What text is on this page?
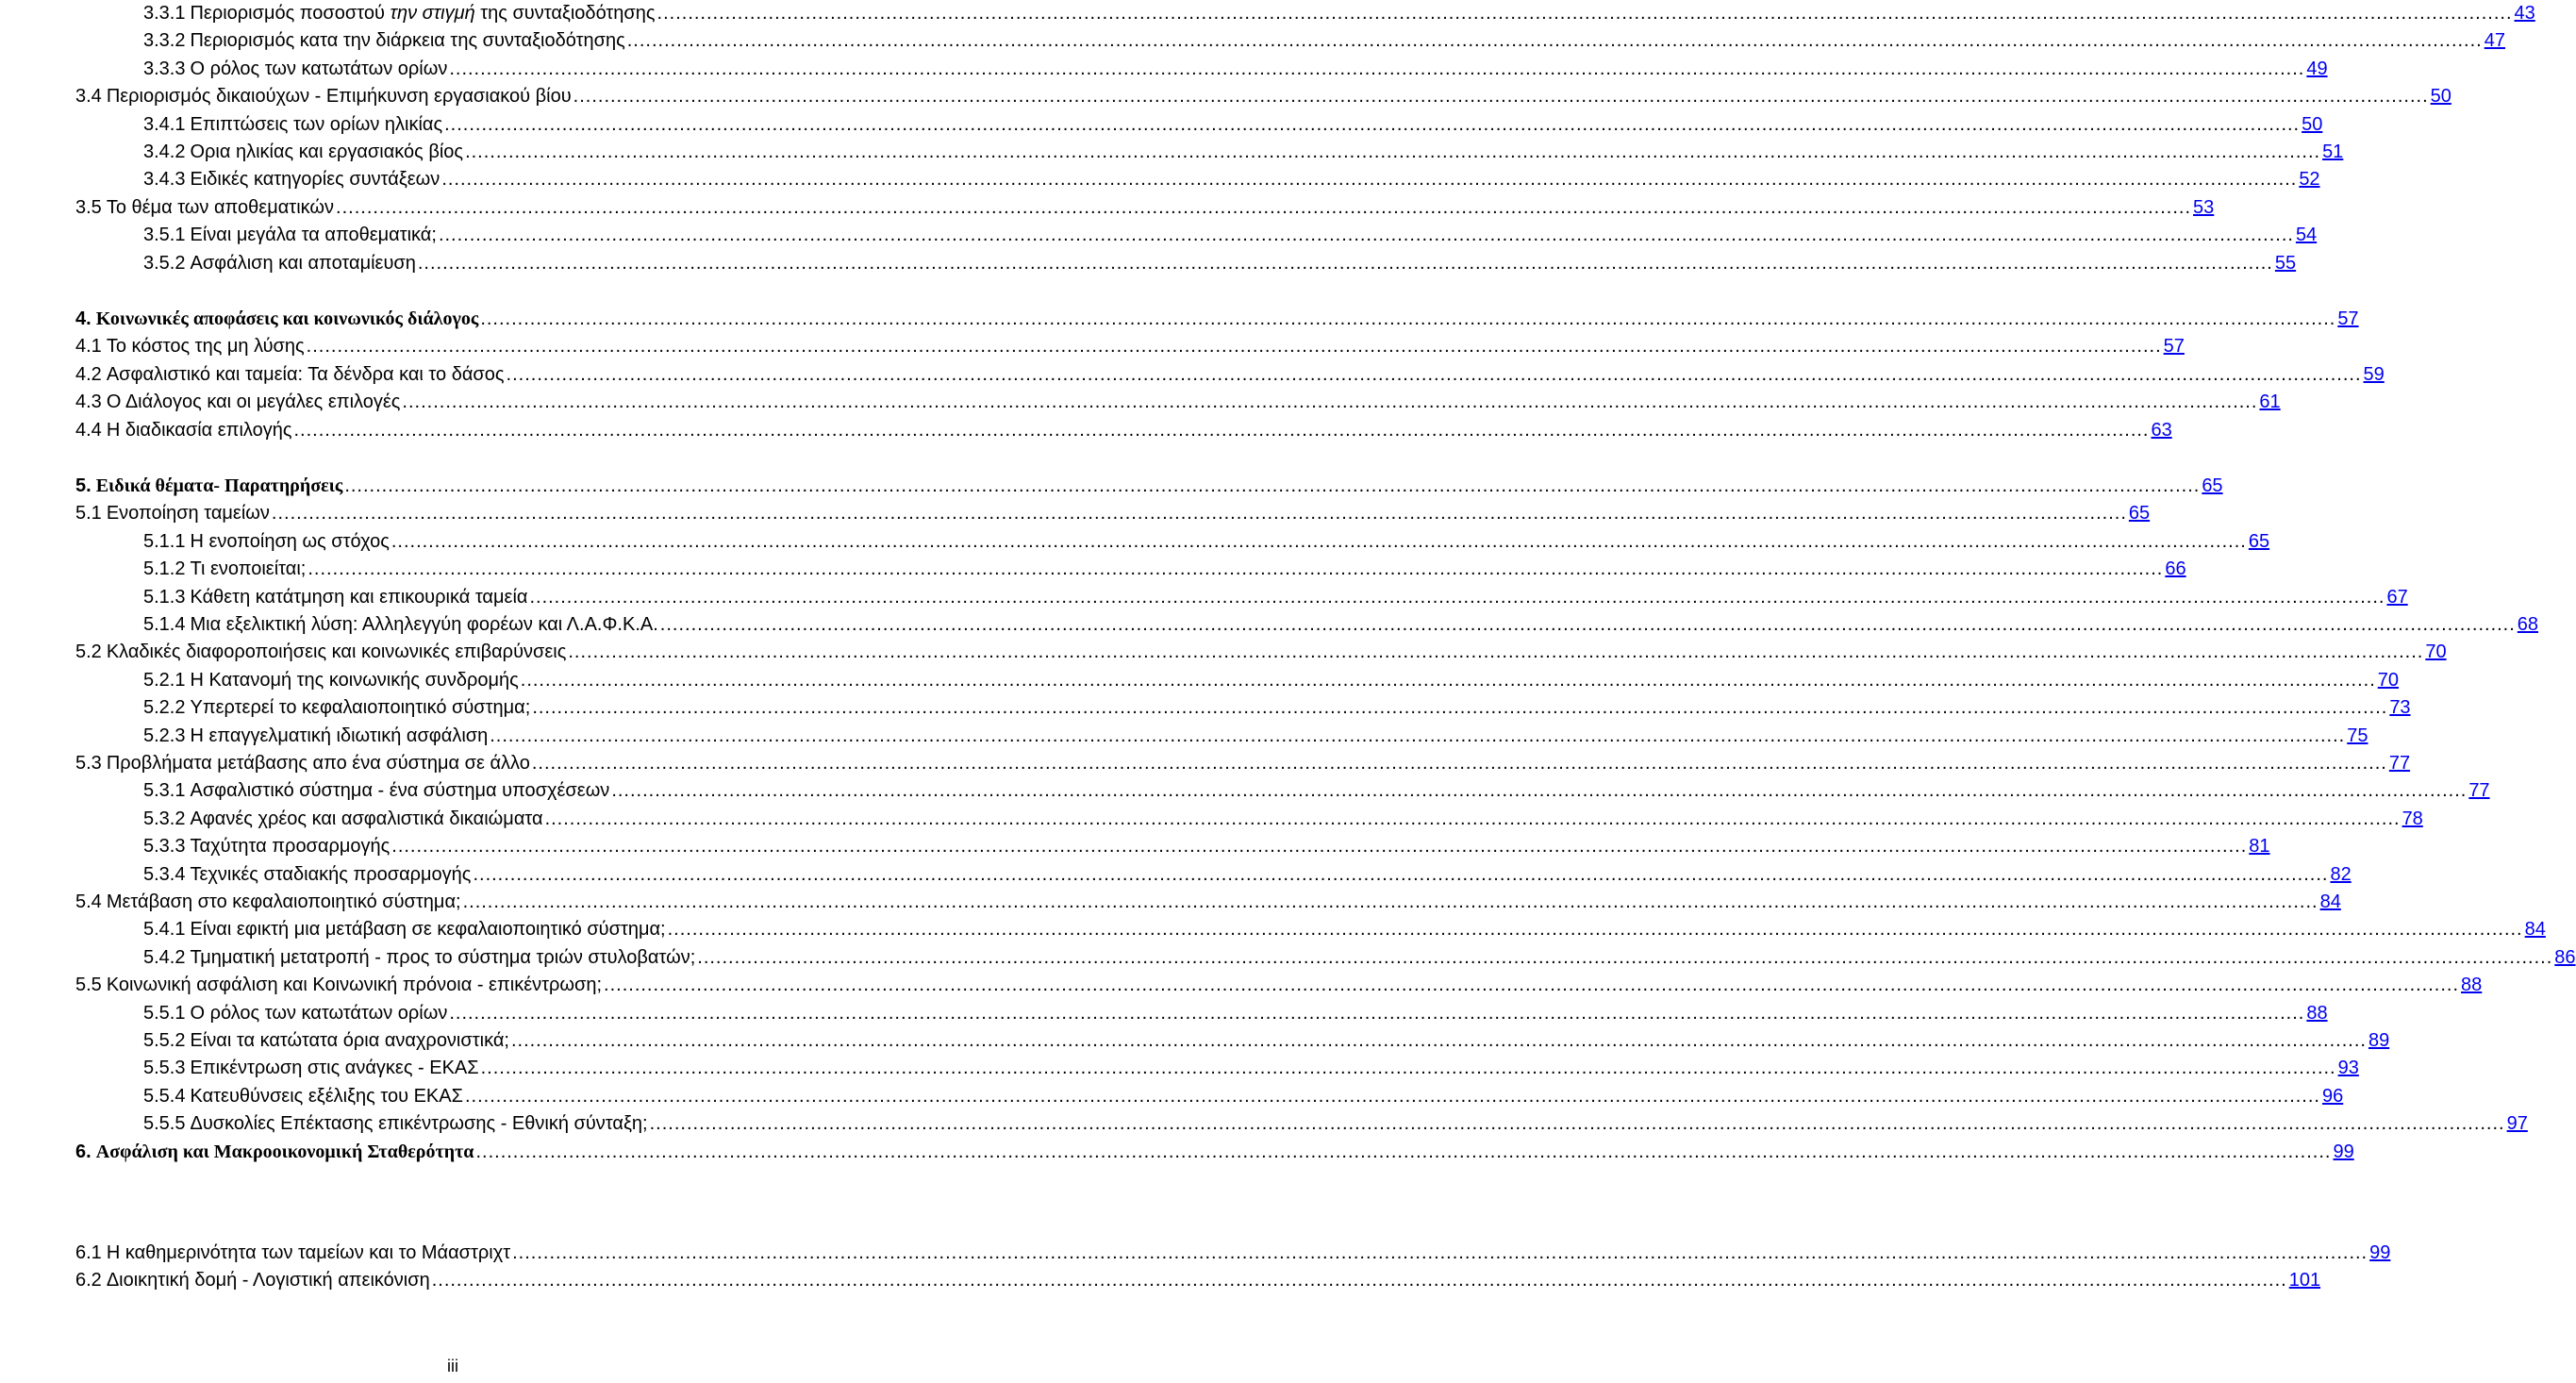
3.3.1 Περιορισμός ποσοστού την στιγμή της συνταξιοδότησης ............................................................................................................................................................................................................................................................................................................ 43
3.3.2 Περιορισμός κατα την διάρκεια της συνταξιοδότησης ............................................................................................................................................................................................................................................................................................................ 47
3.3.3 Ο ρόλος των κατωτάτων ορίων ............................................................................................................................................................................................................................................................................................................ 49
3.4 Περιορισμός δικαιούχων - Επιμήκυνση εργασιακού βίου ............................................................................................................................................................................................................................................................................................................ 50
3.4.1 Επιπτώσεις των ορίων ηλικίας ............................................................................................................................................................................................................................................................................................................ 50
3.4.2 Ορια ηλικίας και εργασιακός βίος ............................................................................................................................................................................................................................................................................................................ 51
3.4.3 Ειδικές κατηγορίες συντάξεων ............................................................................................................................................................................................................................................................................................................ 52
3.5 Το θέμα των αποθεματικών ............................................................................................................................................................................................................................................................................................................ 53
3.5.1 Είναι μεγάλα τα αποθεματικά; ............................................................................................................................................................................................................................................................................................................ 54
3.5.2 Ασφάλιση και αποταμίευση ............................................................................................................................................................................................................................................................................................................ 55
4. Κοινωνικές αποφάσεις και κοινωνικός διάλογος ............................................................................................................................................................................................................................................................................................................ 57
4.1 Το κόστος της μη λύσης ............................................................................................................................................................................................................................................................................................................ 57
4.2 Ασφαλιστικό και ταμεία: Τα δένδρα και το δάσος ............................................................................................................................................................................................................................................................................................................ 59
4.3 Ο Διάλογος και οι μεγάλες επιλογές ............................................................................................................................................................................................................................................................................................................ 61
4.4 Η διαδικασία επιλογής ............................................................................................................................................................................................................................................................................................................ 63
5. Ειδικά θέματα- Παρατηρήσεις ............................................................................................................................................................................................................................................................................................................ 65
5.1 Ενοποίηση ταμείων ............................................................................................................................................................................................................................................................................................................ 65
5.1.1 Η ενοποίηση ως στόχος ............................................................................................................................................................................................................................................................................................................ 65
5.1.2 Τι ενοποιείται; ............................................................................................................................................................................................................................................................................................................ 66
5.1.3 Κάθετη κατάτμηση και επικουρικά ταμεία ............................................................................................................................................................................................................................................................................................................ 67
5.1.4 Μια εξελικτική λύση: Αλληλεγγύη φορέων και Λ.Α.Φ.Κ.Α. ............................................................................................................................................................................................................................................................................................................ 68
5.2 Κλαδικές διαφοροποιήσεις και κοινωνικές επιβαρύνσεις ............................................................................................................................................................................................................................................................................................................ 70
5.2.1 Η Κατανομή της κοινωνικής συνδρομής ............................................................................................................................................................................................................................................................................................................ 70
5.2.2 Υπερτερεί το κεφαλαιοποιητικό σύστημα; ............................................................................................................................................................................................................................................................................................................ 73
5.2.3 Η επαγγελματική ιδιωτική ασφάλιση ............................................................................................................................................................................................................................................................................................................ 75
5.3 Προβλήματα μετάβασης απο ένα σύστημα σε άλλο ............................................................................................................................................................................................................................................................................................................ 77
5.3.1 Ασφαλιστικό σύστημα - ένα σύστημα υποσχέσεων ............................................................................................................................................................................................................................................................................................................ 77
5.3.2 Αφανές χρέος και ασφαλιστικά δικαιώματα ............................................................................................................................................................................................................................................................................................................ 78
5.3.3 Ταχύτητα προσαρμογής ............................................................................................................................................................................................................................................................................................................ 81
5.3.4 Τεχνικές σταδιακής προσαρμογής ............................................................................................................................................................................................................................................................................................................ 82
5.4 Μετάβαση στο κεφαλαιοποιητικό σύστημα; ............................................................................................................................................................................................................................................................................................................ 84
5.4.1 Είναι εφικτή μια μετάβαση σε κεφαλαιοποιητικό σύστημα; ............................................................................................................................................................................................................................................................................................................ 84
5.4.2 Τμηματική μετατροπή - προς το σύστημα τριών στυλοβατών; ............................................................................................................................................................................................................................................................................................................ 86
5.5 Κοινωνική ασφάλιση και Κοινωνική πρόνοια - επικέντρωση; ............................................................................................................................................................................................................................................................................................................ 88
5.5.1 Ο ρόλος των κατωτάτων ορίων ............................................................................................................................................................................................................................................................................................................ 88
5.5.2 Είναι τα κατώτατα όρια αναχρονιστικά; ............................................................................................................................................................................................................................................................................................................ 89
5.5.3 Επικέντρωση στις ανάγκες - ΕΚΑΣ ............................................................................................................................................................................................................................................................................................................ 93
5.5.4 Κατευθύνσεις εξέλιξης του ΕΚΑΣ ............................................................................................................................................................................................................................................................................................................ 96
5.5.5 Δυσκολίες Επέκτασης επικέντρωσης - Εθνική σύνταξη; ............................................................................................................................................................................................................................................................................................................ 97
6. Ασφάλιση και Μακροοικονομική Σταθερότητα ............................................................................................................................................................................................................................................................................................................ 99
6.1 Η καθημερινότητα των ταμείων και το Μάαστριχτ ............................................................................................................................................................................................................................................................................................................ 99
6.2 Διοικητική δομή - Λογιστική απεικόνιση ............................................................................................................................................................................................................................................................................................................ 101
iii
